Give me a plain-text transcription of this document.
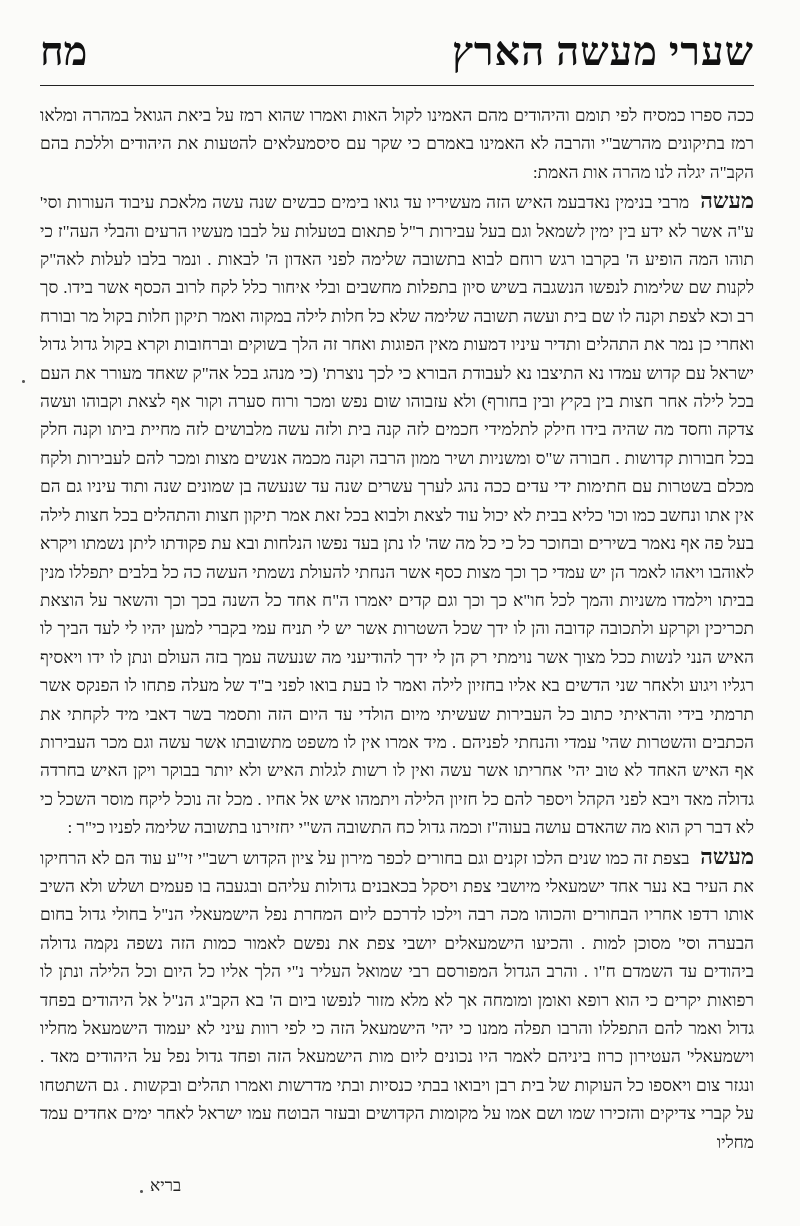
שערי מעשה הארץ
מח

ככה ספרו כמסיח לפי תומם והיהודים מהם האמינו לקול האות ואמרו שהוא רמז על ביאת הגואל במהרה ומלאו רמז בתיקונים מהרשב"י והרבה לא האמינו באמרם כי שקר עם סיסמעלאים להטעות את היהודים וללכת בהם הקב"ה יגלה לנו מהרה אות האמת:

מעשה מרבי בנימין נאדבעמ האיש הזה מעשיריו עד גואו בימים כבשים שנה עשה מלאכת עיבוד העורות וסי' ע"ה אשר לא ידע בין ימין לשמאל וגם בעל עבירות ר"ל פתאום בטעלות על לבבו מעשיו הרעים והבלי העה"ז כי תוהו המה הופיע ה' בקרבו רגש רוחם לבוא בתשובה שלימה לפני האדון ה' לבאות . ונמר בלבו לעלות לאה"ק לקנות שם שלימות לנפשו הנשגבה בשיש סיון בתפלות מחשבים ובלי איחור כלל לקח לרוב הכסף אשר בידו. סך רב וכא לצפת וקנה לו שם בית ועשה תשובה שלימה שלא כל חלות לילה במקוה ואמר תיקון חלות בקול מר ובורח ואחרי כן נמר את התהלים ותדיר עיניו דמעות מאין הפוגות ואחר זה הלך בשוקים וברחובות וקרא בקול גדול גדול ישראל עם קדוש עמדו נא התיצבו נא לעבודת הבורא כי לכך נוצרת' (כי מנהג בכל אה"ק שאחד מעורר את העם בכל לילה אחר חצות בין בקיץ ובין בחורף) ולא עזבוהו שום נפש ומכר ורוח סערה וקור אף לצאת וקבוהו ועשה צדקה וחסד מה שהיה בידו חילק לתלמידי חכמים לזה קנה בית ולזה עשה מלבושים לזה מחיית ביתו וקנה חלק בכל חבורות קדושות . חבורה ש"ס ומשניות ושיר ממון הרבה וקנה מכמה אנשים מצות ומכר להם לעבירות ולקח מכלם בשטרות עם חתימות ידי עדים ככה נהג לערך עשרים שנה עד שנעשה בן שמונים שנה ותוד עיניו גם הם אין אתו ונחשב כמו וכו' כליא בבית לא יכול עוד לצאת ולבוא בכל זאת אמר תיקון חצות והתהלים בכל חצות לילה בעל פה אף נאמר בשירים ובחוכר כל כי כל מה שה' לו נתן בעד נפשו הנלחות ובא עת פקודתו ליתן נשמתו ויקרא לאוהבו ויאהו לאמר הן יש עמדי כך וכך מצות כסף אשר הנחתי להעולת נשמתי העשה כה כל בלבים יתפללו מנין בביתו וילמדו משניות והמך לכל חו"א כך וכך וגם קדים יאמרו ה"ח אחד כל השנה בכך וכך והשאר על הוצאת תכריכין וקרקע ולתכובה קדובה והן לו ידך שכל השטרות אשר יש לי תניח עמי בקברי למען יהיו לי לעד הביך לו האיש הנני לנשות ככל מצוך אשר נוימתי רק הן לי ידך להודיעני מה שנעשה עמך בזה העולם ונתן לו ידו ויאסיף רגליו ויגוע ולאחר שני הדשים בא אליו בחזיון לילה ואמר לו בעת בואו לפני ב"ד של מעלה פתחו לו הפנקס אשר תרמתי בידי והראיתי כתוב כל העבירות שעשיתי מיום הולדי עד היום הזה ותסמר בשר דאבי מיד לקחתי את הכתבים והשטרות שהי' עמדי והנחתי לפניהם . מיד אמרו אין לו משפט מתשובתו אשר עשה וגם מכר העבירות אף האיש האחד לא טוב יהי' אחריתו אשר עשה ואין לו רשות לגלות האיש ולא יותר בבוקר ויקן האיש בחרדה גדולה מאד ויבא לפני הקהל ויספר להם כל חזיון הלילה ויתמהו איש אל אחיו . מכל זה נוכל ליקח מוסר השכל כי לא דבר רק הוא מה שהאדם עושה בעוה"ז וכמה גדול כח התשובה הש"י יחזירנו בתשובה שלימה לפניו כי"ר :

מעשה בצפת זה כמו שנים הלכו זקנים וגם בחורים לכפר מירון על ציון הקדוש רשב"י זי"ע עוד הם לא הרחיקו את העיר בא נער אחד ישמעאלי מיושבי צפת ויסקל בכאבנים גדולות עליהם ובגעבה בו פעמים ושלש ולא השיב אותו רדפו אחריו הבחורים והכוהו מכה רבה וילכו לדרכם ליום המחרת נפל הישמעאלי הנ"ל בחולי גדול בחום הבערה וסי' מסוכן למות . והכיעו הישמעאלים יושבי צפת את נפשם לאמור כמות הזה נשפה נקמה גדולה ביהודים עד השמדם ח"ו . והרב הגדול המפורסם רבי שמואל העליר נ"י הלך אליו כל היום וכל הלילה ונתן לו רפואות יקרים כי הוא רופא ואומן ומומחה אך לא מלא מזור לנפשו ביום ה' בא הקב"ג הנ"ל אל היהודים בפחד גדול ואמר להם התפללו והרבו תפלה ממנו כי יהי' הישמעאל הזה כי לפי רוות עיני לא יעמוד הישמעאל מחליו וישמעאלי' העטירון כרוז ביניהם לאמר היו נכונים ליום מות הישמעאל הזה ופחד גדול נפל על היהודים מאד . ונגזר צום ויאספו כל העוקות של בית רבן ויבואו בבתי כנסיות ובתי מדרשות ואמרו תהלים ובקשות . גם השתטחו על קברי צדיקים והזכירו שמו ושם אמו על מקומות הקדושים ובעזר הבוטח עמו ישראל לאחר ימים אחדים עמד מחליו

בריא
